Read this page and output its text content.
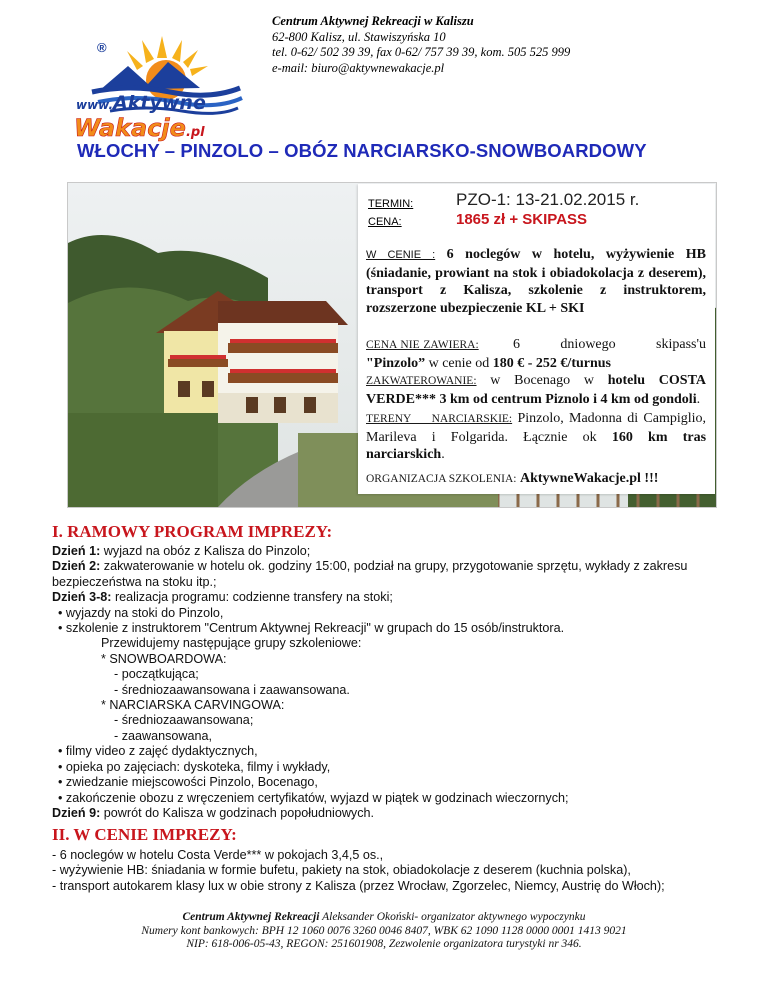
®
www.Aktywne
Wakacje.pl
Centrum Aktywnej Rekreacji w Kaliszu
62-800 Kalisz, ul. Stawiszyńska 10
tel. 0-62/ 502 39 39, fax 0-62/ 757 39 39, kom. 505 525 999
e-mail: biuro@aktywnewakacje.pl
WŁOCHY – PINZOLO – OBÓZ NARCIARSKO-SNOWBOARDOWY
TERMIN:
CENA:
PZO-1: 13-21.02.2015 r.
1865 zł + SKIPASS
W CENIE : 6 noclegów w hotelu, wyżywienie HB (śniadanie, prowiant na stok i obiadokolacja z deserem), transport z Kalisza, szkolenie z instruktorem, rozszerzone ubezpieczenie KL + SKI
CENA NIE ZAWIERA: 6 dniowego skipass'u "Pinzolo” w cenie od 180 € - 252 €/turnus
ZAKWATEROWANIE: w Bocenago w hotelu COSTA VERDE*** 3 km od centrum Piznolo i 4 km od gondoli.
TERENY NARCIARSKIE: Pinzolo, Madonna di Campiglio, Marileva i Folgarida. Łącznie ok 160 km tras narciarskich.
ORGANIZACJA SZKOLENIA: AktywneWakacje.pl !!!
I. RAMOWY PROGRAM IMPREZY:

Dzień 1: wyjazd na obóz z Kalisza do Pinzolo;

Dzień 2: zakwaterowanie w hotelu ok. godziny 15:00, podział na grupy, przygotowanie sprzętu, wykłady z zakresu bezpieczeństwa na stoku itp.;

Dzień 3-8: realizacja programu: codzienne transfery na stoki;

• wyjazdy na stoki do Pinzolo,

• szkolenie z instruktorem "Centrum Aktywnej Rekreacji" w grupach do 15 osób/instruktora.

Przewidujemy następujące grupy szkoleniowe:

* SNOWBOARDOWA:

- początkująca;

- średniozaawansowana i zaawansowana.

* NARCIARSKA CARVINGOWA:

- średniozaawansowana;

- zaawansowana,

• filmy video z zajęć dydaktycznych,

• opieka po zajęciach: dyskoteka, filmy i wykłady,

• zwiedzanie miejscowości Pinzolo, Bocenago,

• zakończenie obozu z wręczeniem certyfikatów, wyjazd w piątek w godzinach wieczornych;

Dzień 9: powrót do Kalisza w godzinach popołudniowych.

II. W CENIE IMPREZY:

- 6 noclegów w hotelu Costa Verde*** w pokojach 3,4,5 os.,

- wyżywienie HB: śniadania w formie bufetu, pakiety na stok, obiadokolacje z deserem (kuchnia polska),

- transport autokarem klasy lux w obie strony z Kalisza (przez Wrocław, Zgorzelec, Niemcy, Austrię do Włoch);

Centrum Aktywnej Rekreacji Aleksander Okoński- organizator aktywnego wypoczynku
Numery kont bankowych: BPH 12 1060 0076 3260 0046 8407, WBK 62 1090 1128 0000 0001 1413 9021
NIP: 618-006-05-43, REGON: 251601908, Zezwolenie organizatora turystyki nr 346.
